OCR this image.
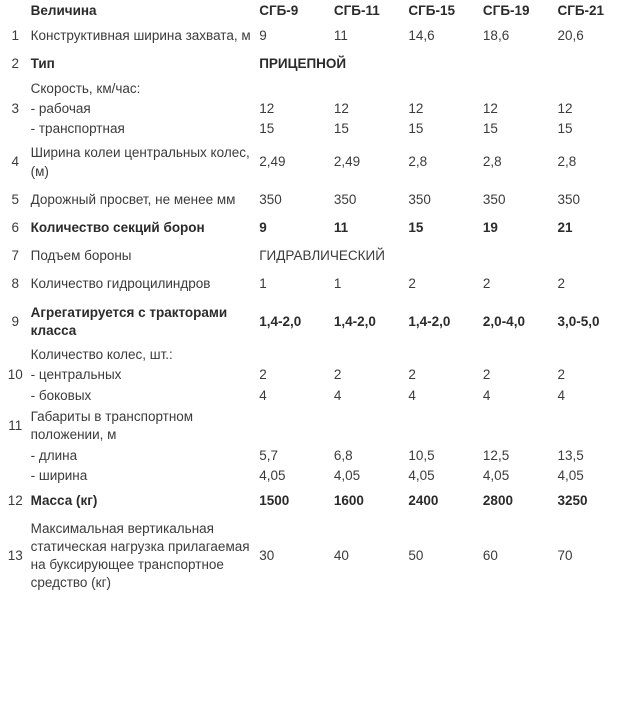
	Величина	СГБ-9	СГБ-11	СГБ-15	СГБ-19	СГБ-21
1	Конструктивная ширина захвата, м	9	11	14,6	18,6	20,6
2	Тип	ПРИЦЕПНОЙ				
	Скорость, км/час:					
3	- рабочая	12	12	12	12	12
	- транспортная	15	15	15	15	15
4	Ширина колеи центральных колес,(м)	2,49	2,49	2,8	2,8	2,8
5	Дорожный просвет, не менее мм	350	350	350	350	350
6	Количество секций борон	9	11	15	19	21
7	Подъем бороны	ГИДРАВЛИЧЕСКИЙ				
8	Количество гидроцилиндров	1	1	2	2	2
9	Агрегатируется с тракторами класса	1,4-2,0	1,4-2,0	1,4-2,0	2,0-4,0	3,0-5,0
	Количество колес, шт.:					
10	- центральных	2	2	2	2	2
	- боковых	4	4	4	4	4
11	Габариты в транспортном положении, м					
	- длина	5,7	6,8	10,5	12,5	13,5
	- ширина	4,05	4,05	4,05	4,05	4,05
12	Масса (кг)	1500	1600	2400	2800	3250
13	Максимальная вертикальная статическая нагрузка прилагаемая на буксирующее транспортное средство (кг)	30	40	50	60	70
